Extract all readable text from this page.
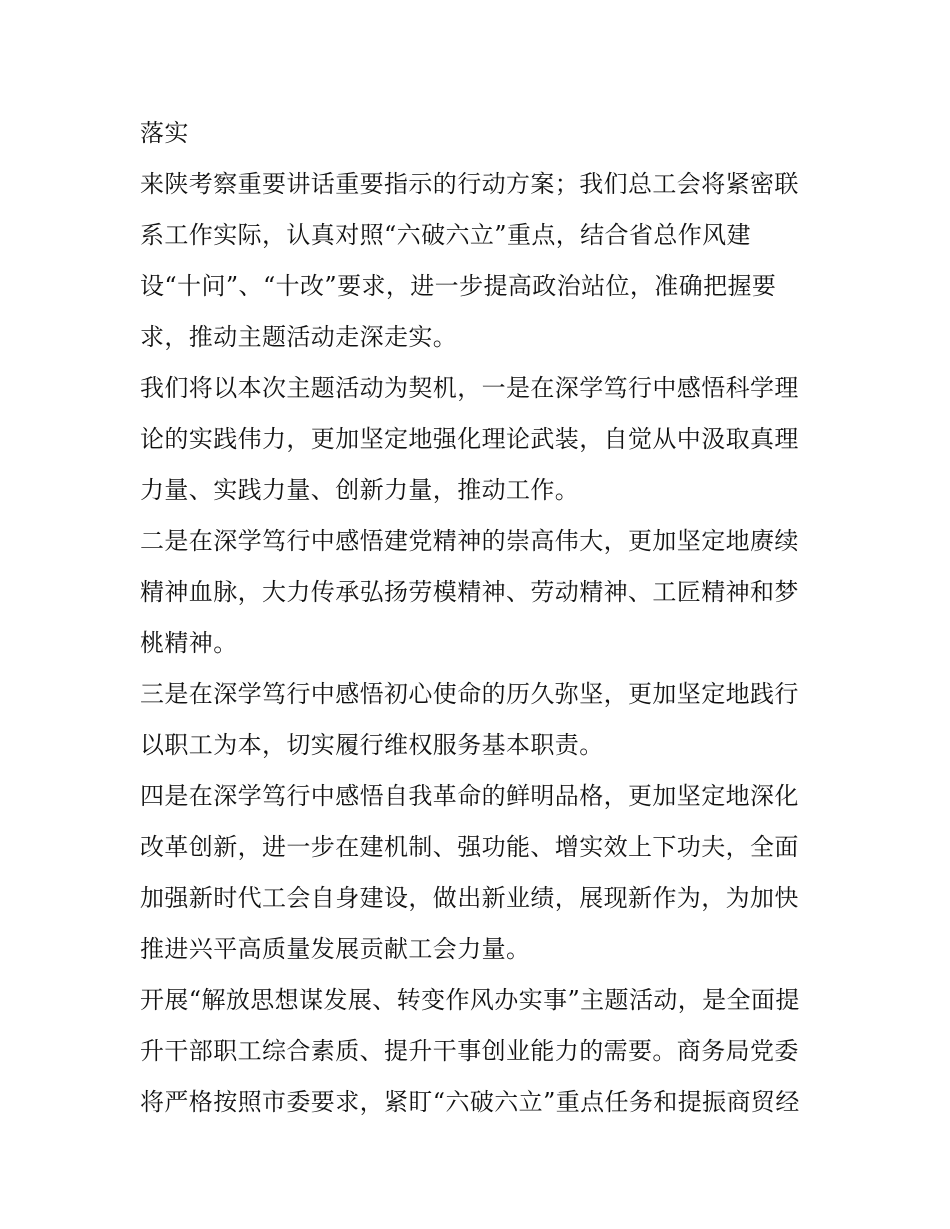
落实
来陕考察重要讲话重要指示的行动方案；我们总工会将紧密联
系工作实际，认真对照“六破六立”重点，结合省总作风建
设“十问”、“十改”要求，进一步提高政治站位，准确把握要
求，推动主题活动走深走实。
我们将以本次主题活动为契机，一是在深学笃行中感悟科学理
论的实践伟力，更加坚定地强化理论武装，自觉从中汲取真理
力量、实践力量、创新力量，推动工作。
二是在深学笃行中感悟建党精神的崇高伟大，更加坚定地赓续
精神血脉，大力传承弘扬劳模精神、劳动精神、工匠精神和梦
桃精神。
三是在深学笃行中感悟初心使命的历久弥坚，更加坚定地践行
以职工为本，切实履行维权服务基本职责。
四是在深学笃行中感悟自我革命的鲜明品格，更加坚定地深化
改革创新，进一步在建机制、强功能、增实效上下功夫，全面
加强新时代工会自身建设，做出新业绩，展现新作为，为加快
推进兴平高质量发展贡献工会力量。
开展“解放思想谋发展、转变作风办实事”主题活动，是全面提
升干部职工综合素质、提升干事创业能力的需要。商务局党委
将严格按照市委要求，紧盯“六破六立”重点任务和提振商贸经
